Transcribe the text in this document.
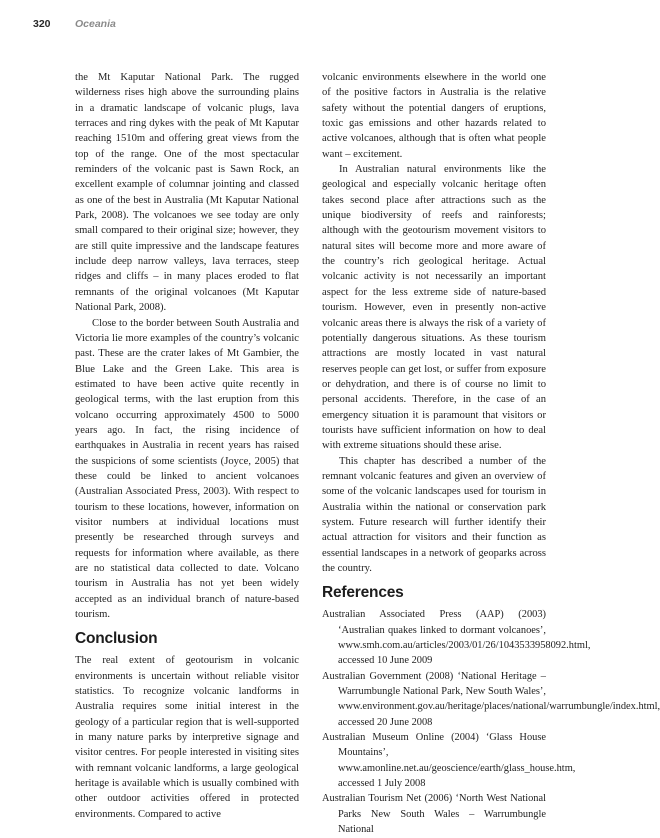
320 Oceania

the Mt Kaputar National Park. The rugged wilderness rises high above the surrounding plains in a dramatic landscape of volcanic plugs, lava terraces and ring dykes with the peak of Mt Kaputar reaching 1510m and offering great views from the top of the range. One of the most spectacular reminders of the volcanic past is Sawn Rock, an excellent example of columnar jointing and classed as one of the best in Australia (Mt Kaputar National Park, 2008). The volcanoes we see today are only small compared to their original size; however, they are still quite impressive and the landscape features include deep narrow valleys, lava terraces, steep ridges and cliffs – in many places eroded to flat remnants of the original volcanoes (Mt Kaputar National Park, 2008).

Close to the border between South Australia and Victoria lie more examples of the country’s volcanic past. These are the crater lakes of Mt Gambier, the Blue Lake and the Green Lake. This area is estimated to have been active quite recently in geological terms, with the last eruption from this volcano occurring approximately 4500 to 5000 years ago. In fact, the rising incidence of earthquakes in Australia in recent years has raised the suspicions of some scientists (Joyce, 2005) that these could be linked to ancient volcanoes (Australian Associated Press, 2003). With respect to tourism to these locations, however, information on visitor numbers at individual locations must presently be researched through surveys and requests for information where available, as there are no statistical data collected to date. Volcano tourism in Australia has not yet been widely accepted as an individual branch of nature-based tourism.

Conclusion

The real extent of geotourism in volcanic environments is uncertain without reliable visitor statistics. To recognize volcanic landforms in Australia requires some initial interest in the geology of a particular region that is well-supported in many nature parks by interpretive signage and visitor centres. For people interested in visiting sites with remnant volcanic landforms, a large geological heritage is available which is usually combined with other outdoor activities offered in protected environments. Compared to active

volcanic environments elsewhere in the world one of the positive factors in Australia is the relative safety without the potential dangers of eruptions, toxic gas emissions and other hazards related to active volcanoes, although that is often what people want – excitement.

In Australian natural environments like the geological and especially volcanic heritage often takes second place after attractions such as the unique biodiversity of reefs and rainforests; although with the geotourism movement visitors to natural sites will become more and more aware of the country’s rich geological heritage. Actual volcanic activity is not necessarily an important aspect for the less extreme side of nature-based tourism. However, even in presently non-active volcanic areas there is always the risk of a variety of potentially dangerous situations. As these tourism attractions are mostly located in vast natural reserves people can get lost, or suffer from exposure or dehydration, and there is of course no limit to personal accidents. Therefore, in the case of an emergency situation it is paramount that visitors or tourists have sufficient information on how to deal with extreme situations should these arise.

This chapter has described a number of the remnant volcanic features and given an overview of some of the volcanic landscapes used for tourism in Australia within the national or conservation park system. Future research will further identify their actual attraction for visitors and their function as essential landscapes in a network of geoparks across the country.

References
Australian Associated Press (AAP) (2003) ‘Australian quakes linked to dormant volcanoes’, www.smh.com.au/articles/2003/01/26/1043533958092.html, accessed 10 June 2009
Australian Government (2008) ‘National Heritage – Warrumbungle National Park, New South Wales’, www.environment.gov.au/heritage/places/national/warrumbungle/index.html, accessed 20 June 2008
Australian Museum Online (2004) ‘Glass House Mountains’, www.amonline.net.au/geoscience/earth/glass_house.htm, accessed 1 July 2008
Australian Tourism Net (2006) ‘North West National Parks New South Wales – Warrumbungle National
